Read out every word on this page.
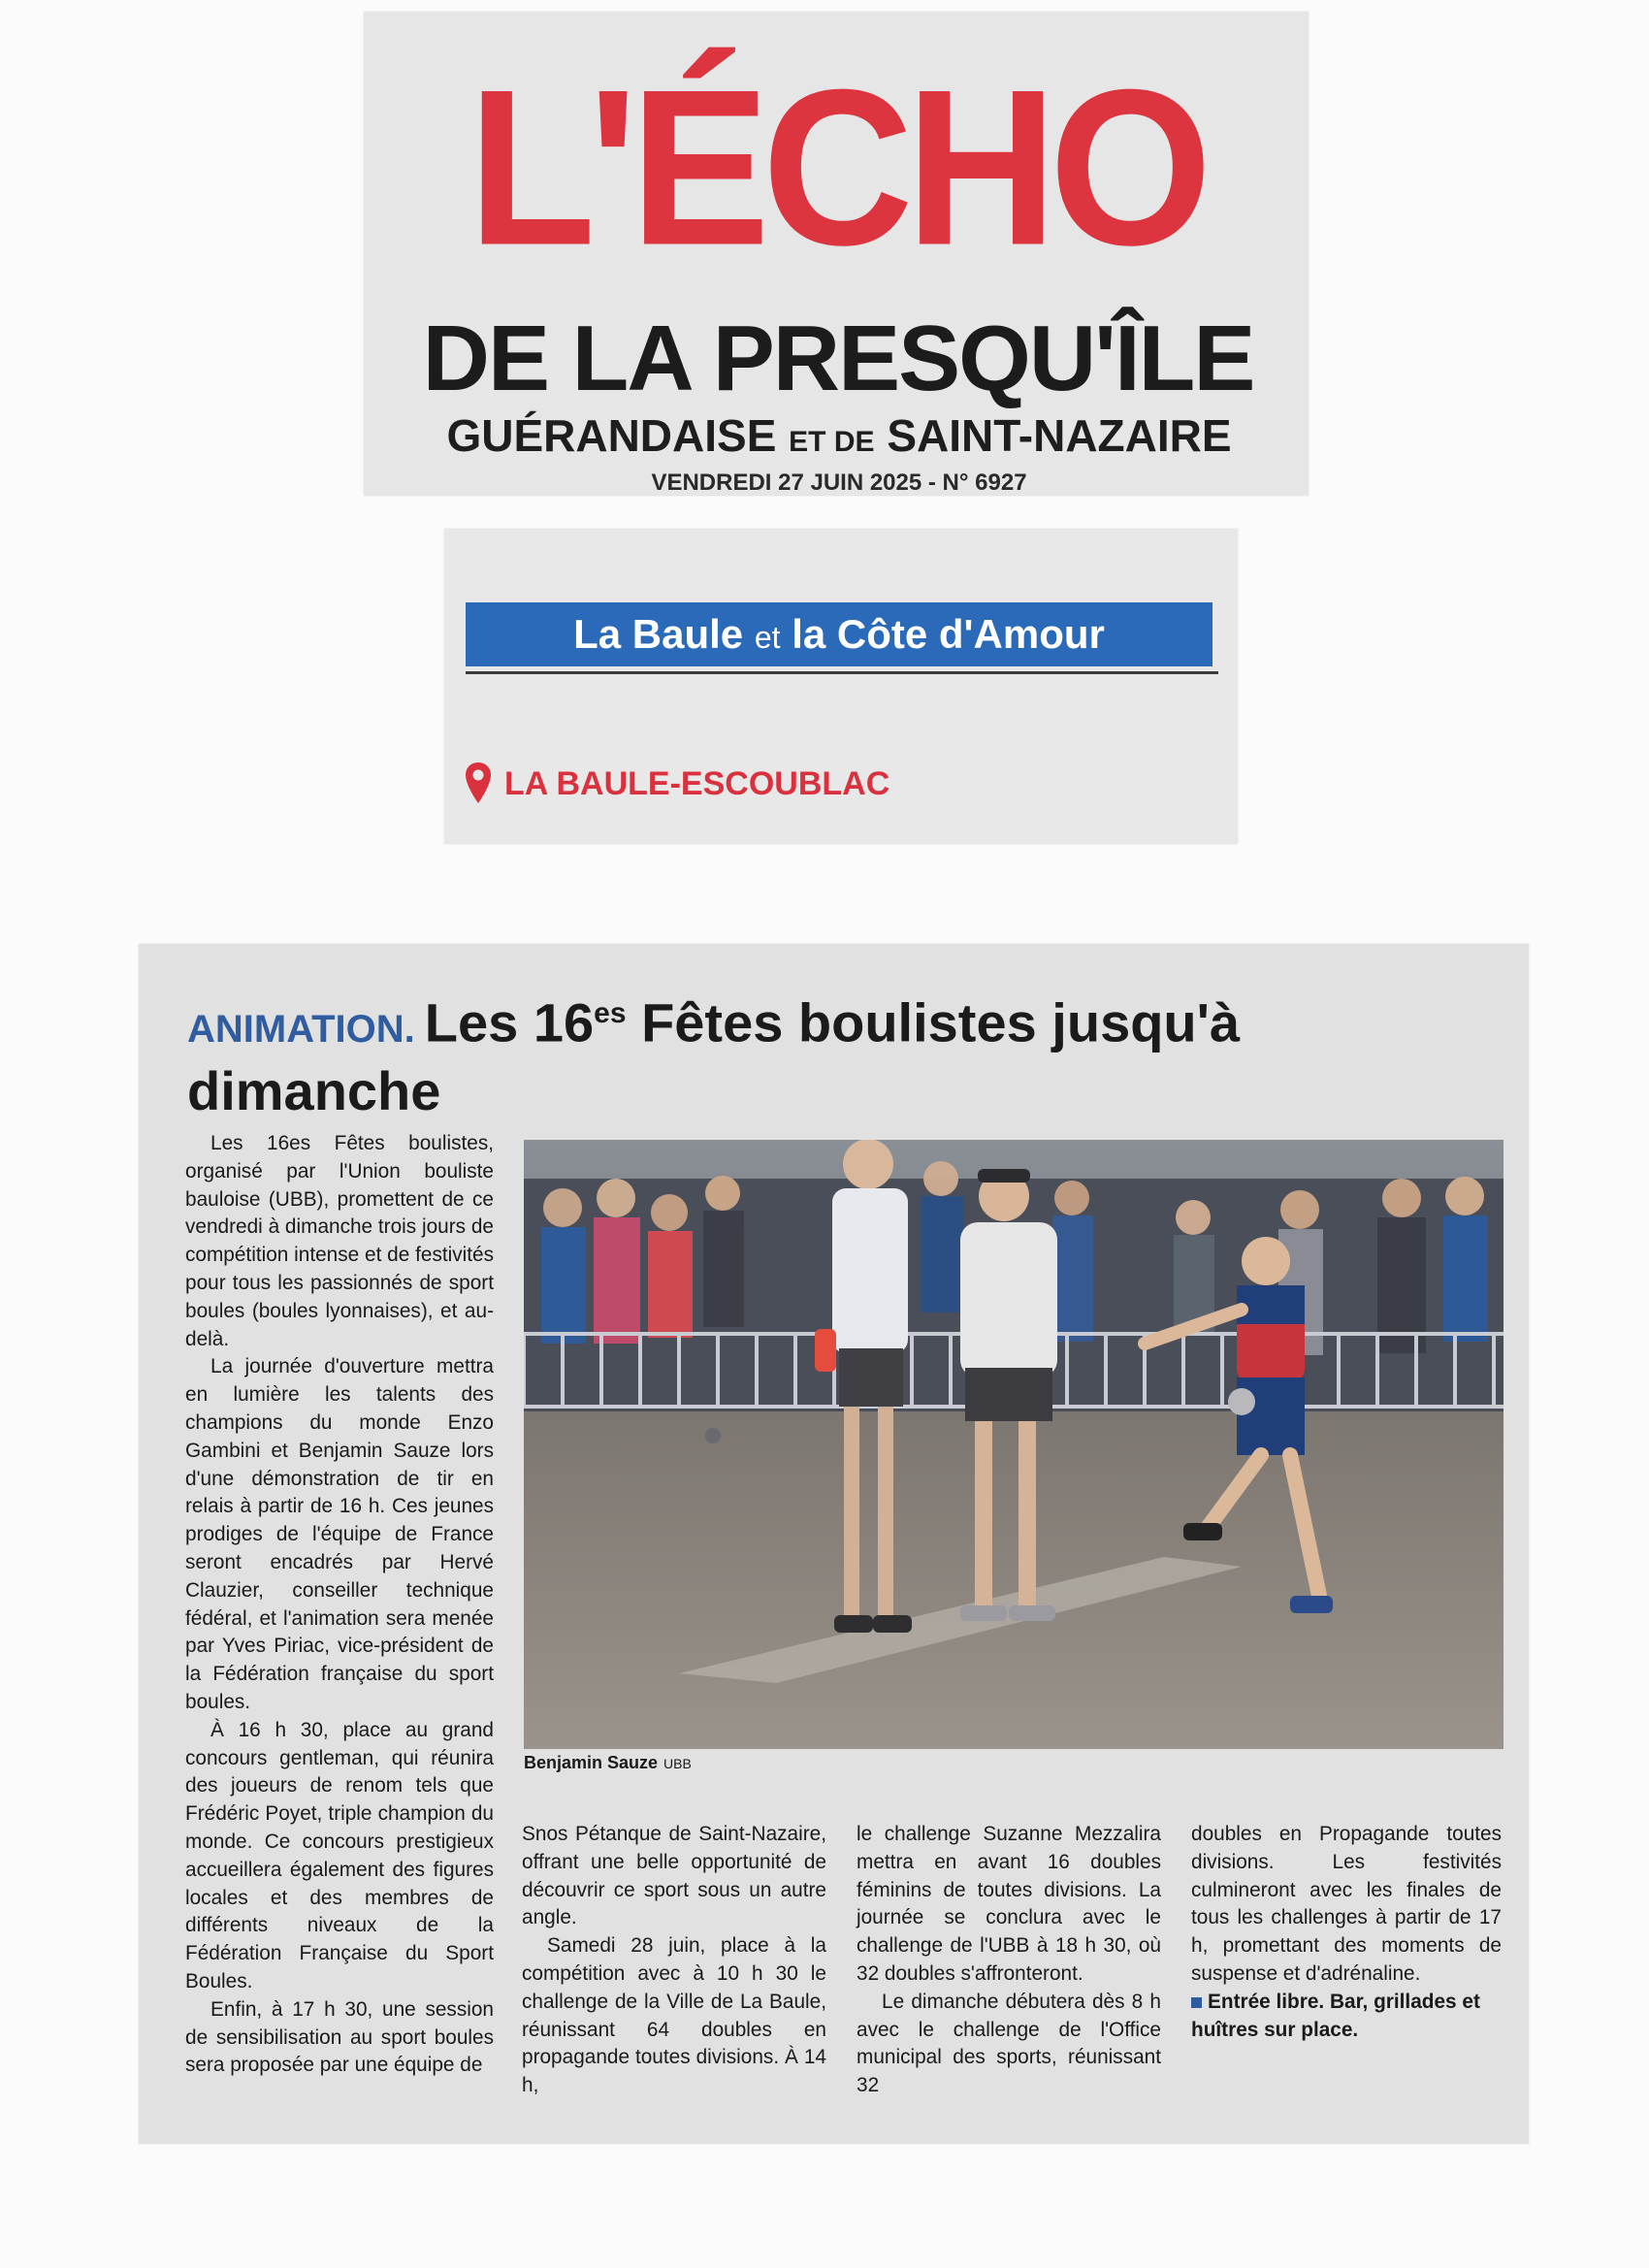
L'ÉCHO
DE LA PRESQU'ÎLE
GUÉRANDAISE ET DE SAINT-NAZAIRE
VENDREDI 27 JUIN 2025 - N° 6927
La Baule et la Côte d'Amour
LA BAULE-ESCOUBLAC
ANIMATION. Les $16^{es}$ Fêtes boulistes jusqu'à dimanche

Les 16es Fêtes boulistes, organisé par l'Union bouliste bauloise (UBB), promettent de ce vendredi à dimanche trois jours de compétition intense et de festivités pour tous les passionnés de sport boules (boules lyonnaises), et au-delà.

La journée d'ouverture mettra en lumière les talents des champions du monde Enzo Gambini et Benjamin Sauze lors d'une démonstration de tir en relais à partir de 16 h. Ces jeunes prodiges de l'équipe de France seront encadrés par Hervé Clauzier, conseiller technique fédéral, et l'animation sera menée par Yves Piriac, vice-président de la Fédération française du sport boules.

À 16 h 30, place au grand concours gentleman, qui réunira des joueurs de renom tels que Frédéric Poyet, triple champion du monde. Ce concours prestigieux accueillera également des figures locales et des membres de différents niveaux de la Fédération Française du Sport Boules.

Enfin, à 17 h 30, une session de sensibilisation au sport boules sera proposée par une équipe de

Benjamin Sauze UBB

Snos Pétanque de Saint-Nazaire, offrant une belle opportunité de découvrir ce sport sous un autre angle.

Samedi 28 juin, place à la compétition avec à 10 h 30 le challenge de la Ville de La Baule, réunissant 64 doubles en propagande toutes divisions. À 14 h,

le challenge Suzanne Mezzalira mettra en avant 16 doubles féminins de toutes divisions. La journée se conclura avec le challenge de l'UBB à 18 h 30, où 32 doubles s'affronteront.

Le dimanche débutera dès 8 h avec le challenge de l'Office municipal des sports, réunissant 32

doubles en Propagande toutes divisions. Les festivités culmineront avec les finales de tous les challenges à partir de 17 h, promettant des moments de suspense et d'adrénaline.

Entrée libre. Bar, grillades et huîtres sur place.
